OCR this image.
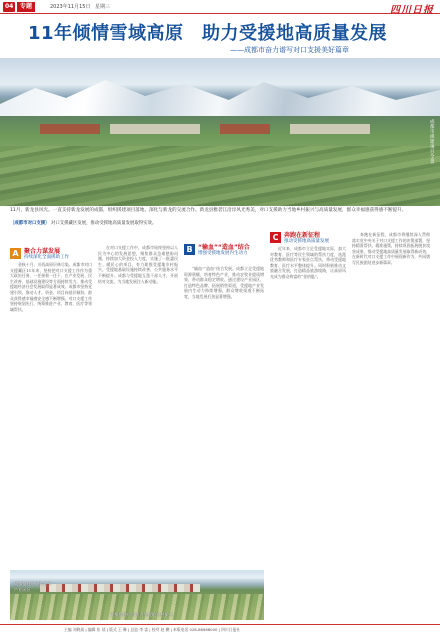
04	专题	2023年11月15日 星期三	四川日报
11年倾情雪域高原　助力受援地高质量发展
——成都市奋力谱写对口支援美好篇章
成都市援建项目全景
11月，新龙县风光。一直支持新龙发展的成都，组织援建项目落地，深化与新龙的交流合作。新龙县雅砻江沿岸风光秀美，对口支援助力当地乡村振兴与高质量发展，群众幸福感获得感不断提升。
〔成都市对口支援〕 对口支援藏区发展，推动受援地高质量发展取得实效。
A 聚合力谋发展
持续深化全面援助工作
B “输血”“造血”结合
增强受援地发展内生动力
C 奔跑在新征程
推动受援地高质量发展

金秋十月，川西高原层林尽染。成都市对口支援藏区11年来，坚持把对口支援工作作为重大政治任务，一任接着一任干，在产业发展、民生改善、基础设施建设等方面持续发力，推动受援地经济社会发展取得显著成效。成都市坚持党建引领，推动人才、资金、项目向基层倾斜，群众获得感幸福感安全感不断增强。对口支援工作坚持规划先行，统筹推进产业、教育、医疗等领域帮扶。

在对口支援工作中，成都市始终坚持以人民为中心的发展思想，聚焦群众急难愁盼问题，持续加大资金投入力度，实施了一批惠民生、暖民心的项目，有力助推受援地乡村振兴。受援地基础设施持续改善，公共服务水平不断提升。成都与受援地互派干部人才，开展结对交流，为当地发展注入新动能。

“输血”“造血”结合发展。成都立足受援地资源禀赋，培育特色产业，推动农牧业提质增效，带动群众稳定增收。通过建设产业园区、打造特色品牌、拓展销售渠道，受援地产业发展内生动力持续增强，群众增收渠道不断拓宽，当地发展后劲显著增强。

近年来，成都市立足受援地实际，加大对教育、医疗等民生领域的帮扶力度，选派优秀教师和医疗专家驻点帮扶，带动受援地教育、医疗水平整体提升。同时积极推动文旅融合发展，打造精品旅游线路，让高原风光成为群众致富的“金钥匙”。

奔跑在新征程，成都市将继续深入贯彻落实党中央关于对口支援工作的决策部署，坚持精准帮扶、精准施策，持续巩固拓展脱贫攻坚成果，推动受援地高质量发展取得新成效，在新时代对口支援工作中展现新作为，共同谱写民族团结进步新篇章。

成都援建的现代农业产业园区
成都援建项目助力受援地乡村振兴
主编 刘晓岚 | 编辑 张 琰 | 版式 王 琳 | 总监 李 睿 | 校对 赵 鹏 | 本版电话 028-86968000 | 四川日报社
